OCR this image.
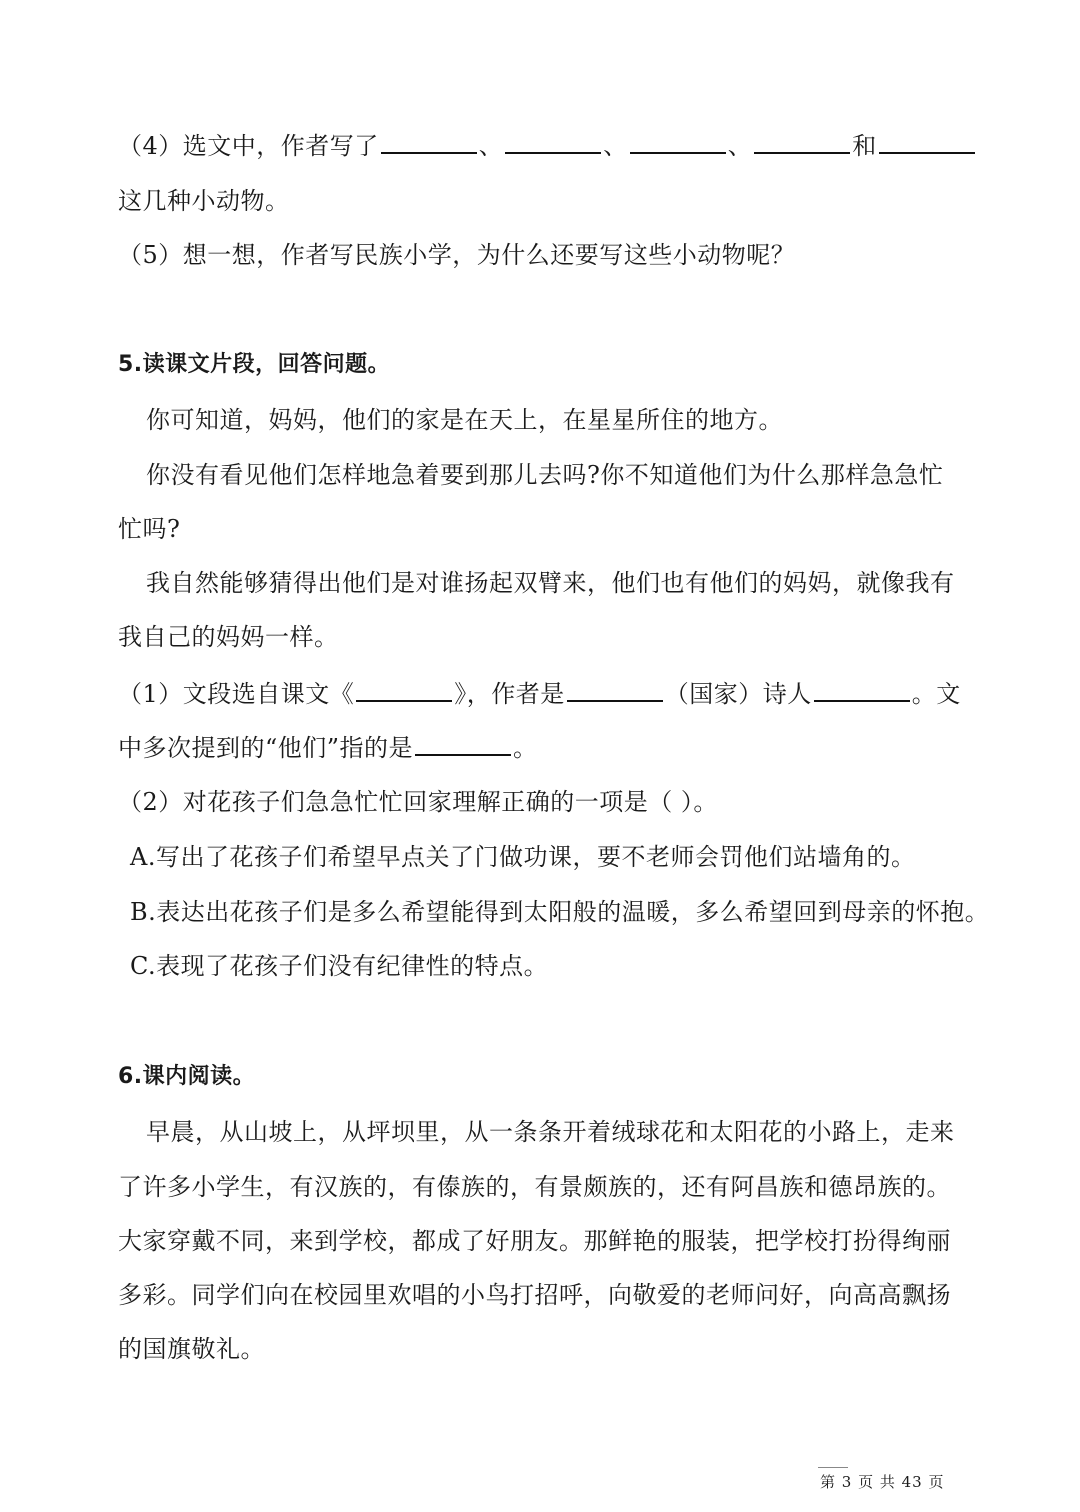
（4）选文中，作者写了	、	、	、	和
这几种小动物。
（5）想一想，作者写民族小学，为什么还要写这些小动物呢？
5.读课文片段，回答问题。
你可知道，妈妈，他们的家是在天上，在星星所住的地方。
你没有看见他们怎样地急着要到那儿去吗?你不知道他们为什么那样急急忙
忙吗?
我自然能够猜得出他们是对谁扬起双臂来，他们也有他们的妈妈，就像我有
我自己的妈妈一样。
（1）文段选自课文《	》，作者是	（国家）诗人	。文
中多次提到的“他们”指的是	。
（2）对花孩子们急急忙忙回家理解正确的一项是（ ）。
A.写出了花孩子们希望早点关了门做功课，要不老师会罚他们站墙角的。
B.表达出花孩子们是多么希望能得到太阳般的温暖，多么希望回到母亲的怀抱。
C.表现了花孩子们没有纪律性的特点。
6.课内阅读。
早晨，从山坡上，从坪坝里，从一条条开着绒球花和太阳花的小路上，走来
了许多小学生，有汉族的，有傣族的，有景颇族的，还有阿昌族和德昂族的。
大家穿戴不同，来到学校，都成了好朋友。那鲜艳的服装，把学校打扮得绚丽
多彩。同学们向在校园里欢唱的小鸟打招呼，向敬爱的老师问好，向高高飘扬
的国旗敬礼。
第 3 页 共 43 页
